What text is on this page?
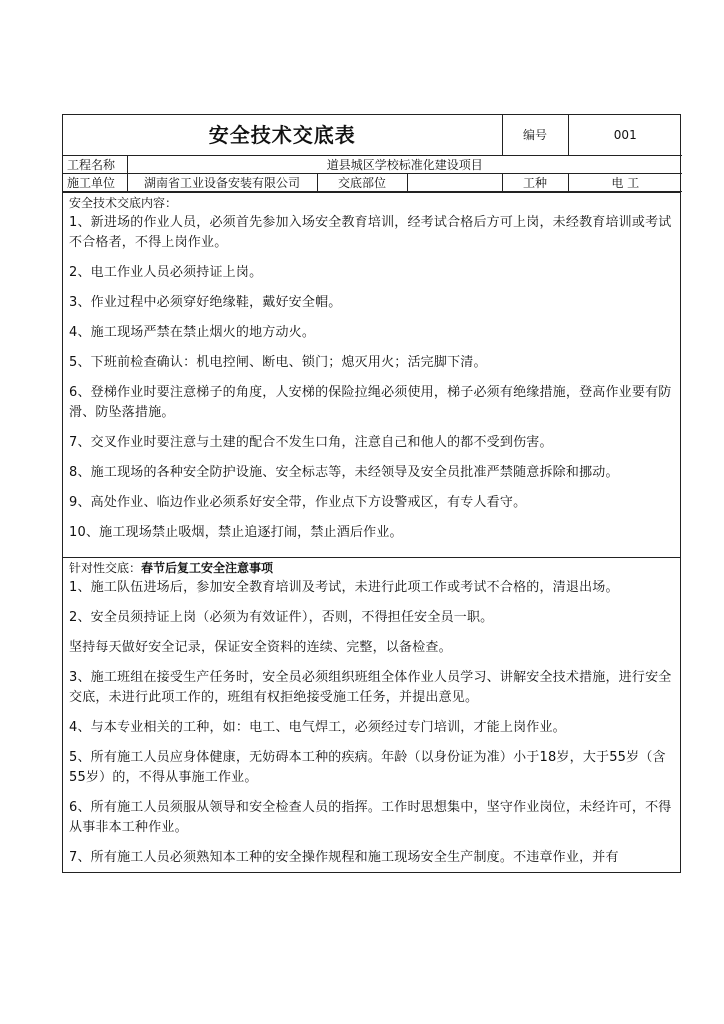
安全技术交底表				编号	001
工程名称	道县城区学校标准化建设项目				
施工单位	湖南省工业设备安装有限公司	交底部位		工种	电 工
安全技术交底内容：
1、新进场的作业人员，必须首先参加入场安全教育培训，经考试合格后方可上岗，未经教育培训或考试不合格者，不得上岗作业。
2、电工作业人员必须持证上岗。
3、作业过程中必须穿好绝缘鞋，戴好安全帽。
4、施工现场严禁在禁止烟火的地方动火。
5、下班前检查确认：机电控闸、断电、锁门；熄灭用火；活完脚下清。
6、登梯作业时要注意梯子的角度，人安梯的保险拉绳必须使用，梯子必须有绝缘措施，登高作业要有防滑、防坠落措施。
7、交叉作业时要注意与土建的配合不发生口角，注意自己和他人的都不受到伤害。
8、施工现场的各种安全防护设施、安全标志等，未经领导及安全员批准严禁随意拆除和挪动。
9、高处作业、临边作业必须系好安全带，作业点下方设警戒区，有专人看守。
10、施工现场禁止吸烟，禁止追逐打闹，禁止酒后作业。
针对性交底：春节后复工安全注意事项
1、施工队伍进场后，参加安全教育培训及考试，未进行此项工作或考试不合格的，清退出场。
2、安全员须持证上岗（必须为有效证件），否则，不得担任安全员一职。
坚持每天做好安全记录，保证安全资料的连续、完整，以备检查。
3、施工班组在接受生产任务时，安全员必须组织班组全体作业人员学习、讲解安全技术措施，进行安全交底，未进行此项工作的，班组有权拒绝接受施工任务，并提出意见。
4、与本专业相关的工种，如：电工、电气焊工，必须经过专门培训，才能上岗作业。
5、所有施工人员应身体健康，无妨碍本工种的疾病。年龄（以身份证为准）小于18岁，大于55岁（含55岁）的，不得从事施工作业。
6、所有施工人员须服从领导和安全检查人员的指挥。工作时思想集中，坚守作业岗位，未经许可，不得从事非本工种作业。
7、所有施工人员必须熟知本工种的安全操作规程和施工现场安全生产制度。不违章作业，并有
